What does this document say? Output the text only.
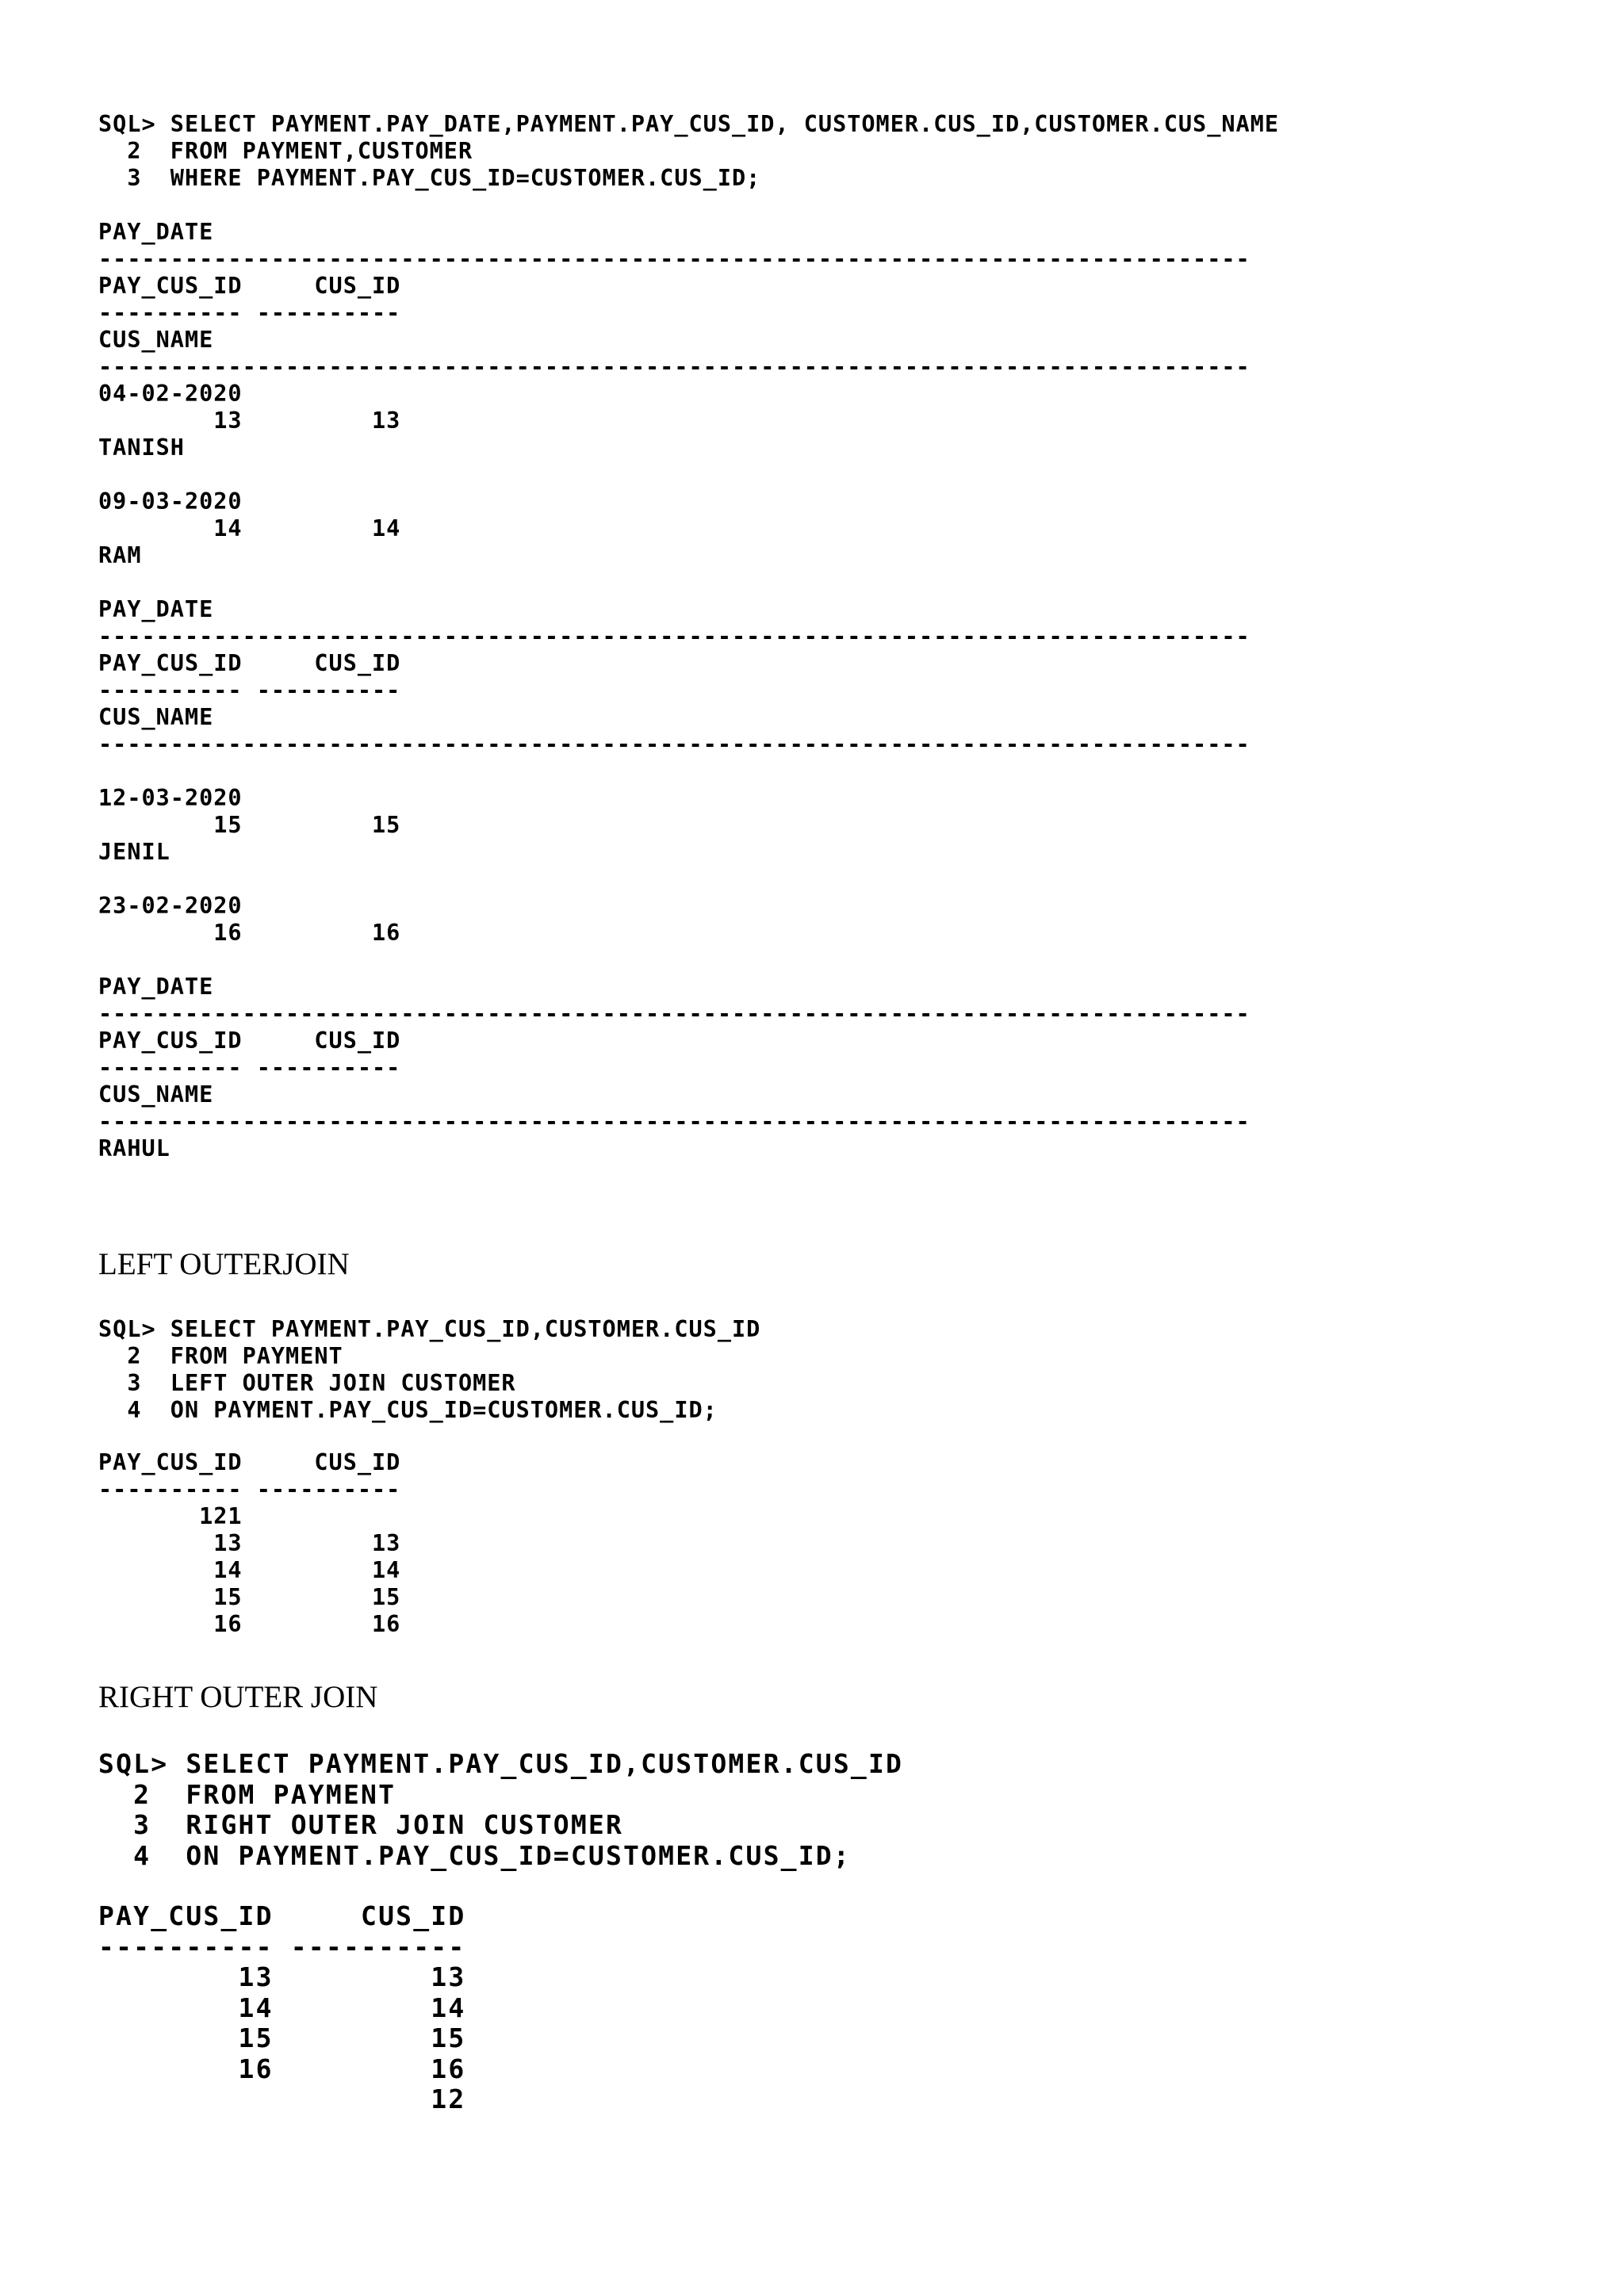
SQL> SELECT PAYMENT.PAY_DATE,PAYMENT.PAY_CUS_ID, CUSTOMER.CUS_ID,CUSTOMER.CUS_NAME
2  FROM PAYMENT,CUSTOMER
3  WHERE PAYMENT.PAY_CUS_ID=CUSTOMER.CUS_ID;
PAY_DATE
--------------------------------------------------------------------------------
PAY_CUS_ID     CUS_ID
---------- ----------
CUS_NAME
--------------------------------------------------------------------------------
04-02-2020
13         13
TANISH

09-03-2020
14         14
RAM

PAY_DATE
--------------------------------------------------------------------------------
PAY_CUS_ID     CUS_ID
---------- ----------
CUS_NAME
--------------------------------------------------------------------------------

12-03-2020
15         15
JENIL

23-02-2020
16         16

PAY_DATE
--------------------------------------------------------------------------------
PAY_CUS_ID     CUS_ID
---------- ----------
CUS_NAME
--------------------------------------------------------------------------------
RAHUL
LEFT OUTERJOIN
SQL> SELECT PAYMENT.PAY_CUS_ID,CUSTOMER.CUS_ID
2  FROM PAYMENT
3  LEFT OUTER JOIN CUSTOMER
4  ON PAYMENT.PAY_CUS_ID=CUSTOMER.CUS_ID;
PAY_CUS_ID     CUS_ID
---------- ----------
121
13         13
14         14
15         15
16         16
RIGHT OUTER JOIN
SQL> SELECT PAYMENT.PAY_CUS_ID,CUSTOMER.CUS_ID
2  FROM PAYMENT
3  RIGHT OUTER JOIN CUSTOMER
4  ON PAYMENT.PAY_CUS_ID=CUSTOMER.CUS_ID;
PAY_CUS_ID     CUS_ID
---------- ----------
13         13
14         14
15         15
16         16
12
